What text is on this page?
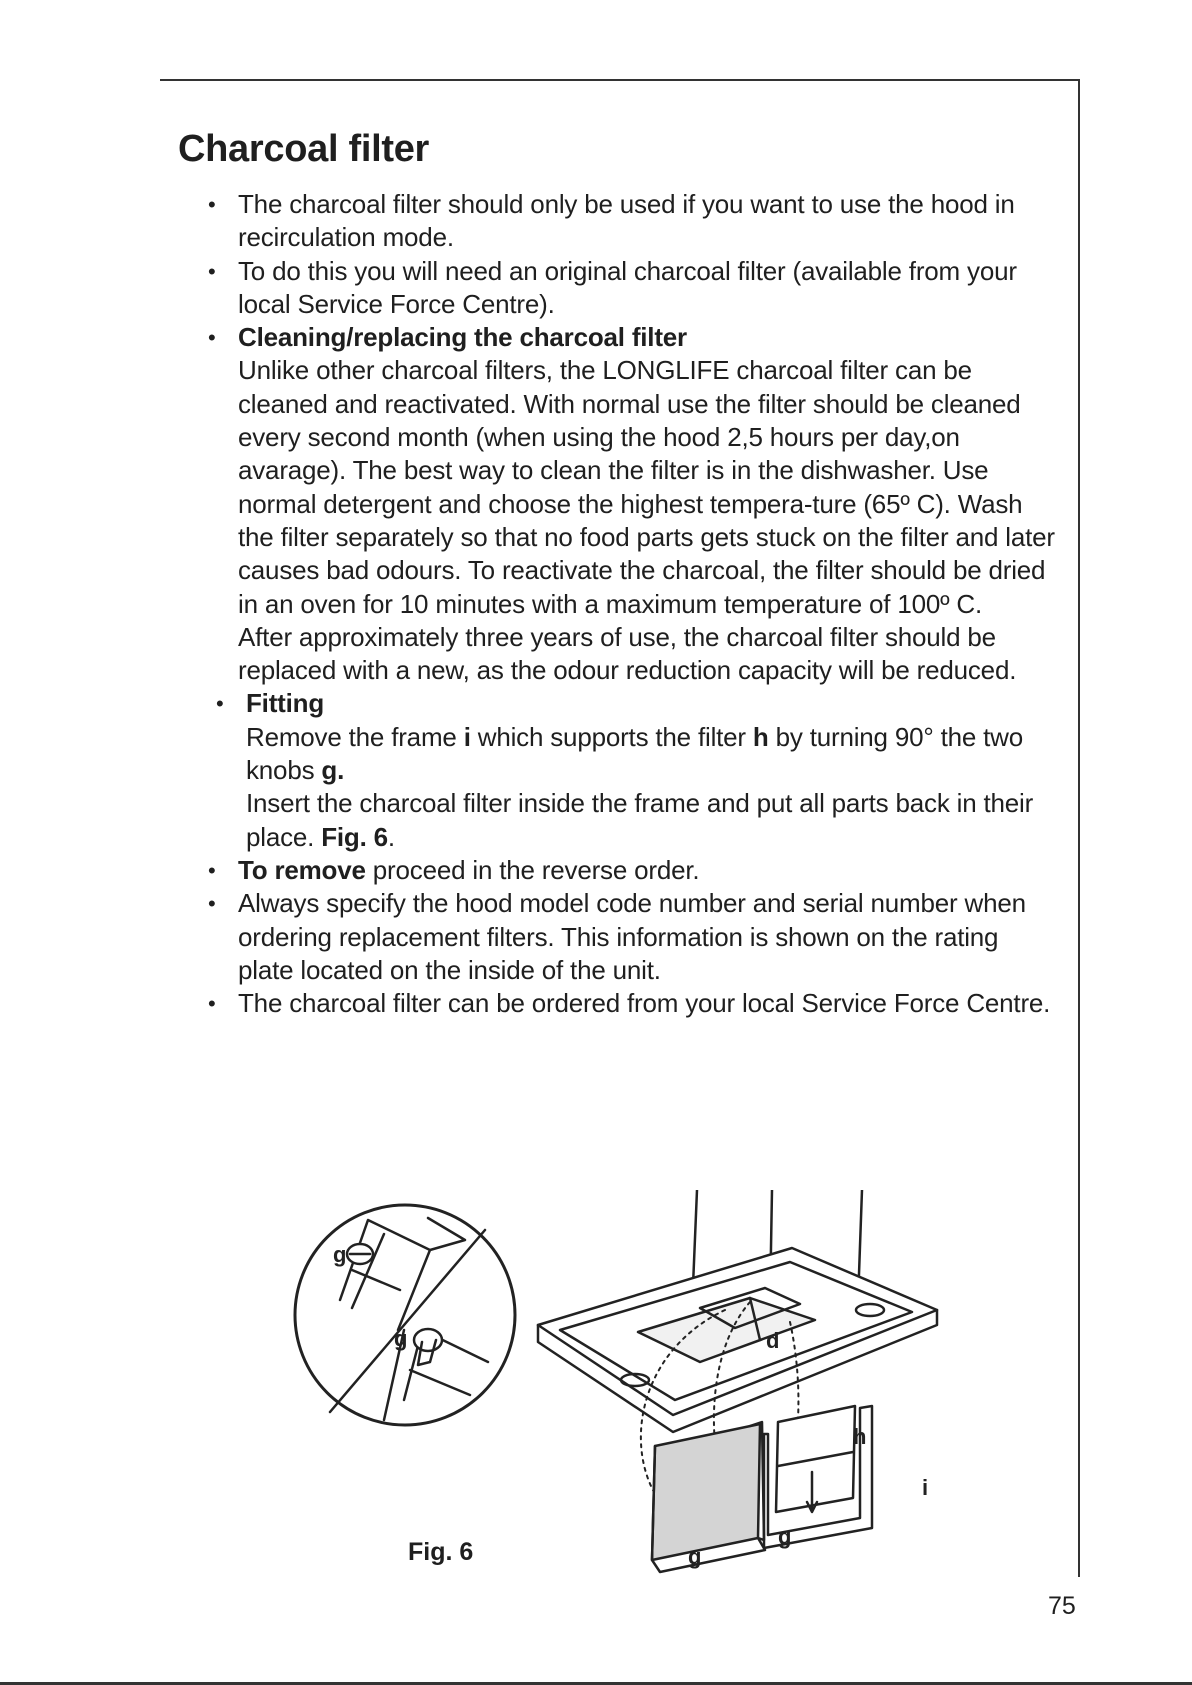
Charcoal filter
• The charcoal filter should only be used if you want to use the hood in recirculation mode.

• To do this you will need an original charcoal filter (available from your local Service Force Centre).

• Cleaning/replacing the charcoal filter

Unlike other charcoal filters, the LONGLIFE charcoal filter can be cleaned and reactivated. With normal use the filter should be cleaned every second month (when using the hood 2,5 hours per day,on avarage). The best way to clean the filter is in the dishwasher. Use normal detergent and choose the highest tempera-ture (65º C). Wash the filter separately so that no food parts gets stuck on the filter and later causes bad odours. To reactivate the charcoal, the filter should be dried in an oven for 10 minutes with a maximum temperature of 100º C.

After approximately three years of use, the charcoal filter should be replaced with a new, as the odour reduction capacity will be reduced.

• Fitting

Remove the frame i which supports the filter h by turning 90° the two knobs g.

Insert the charcoal filter inside the frame and put all parts back in their place. Fig. 6.

• To remove proceed in the reverse order.

• Always specify the hood model code number and serial number when ordering replacement filters. This information is shown on the rating plate located on the inside of the unit.

• The charcoal filter can be ordered from your local Service Force Centre.

g
g	d
h
i
g
g
Fig. 6
75
